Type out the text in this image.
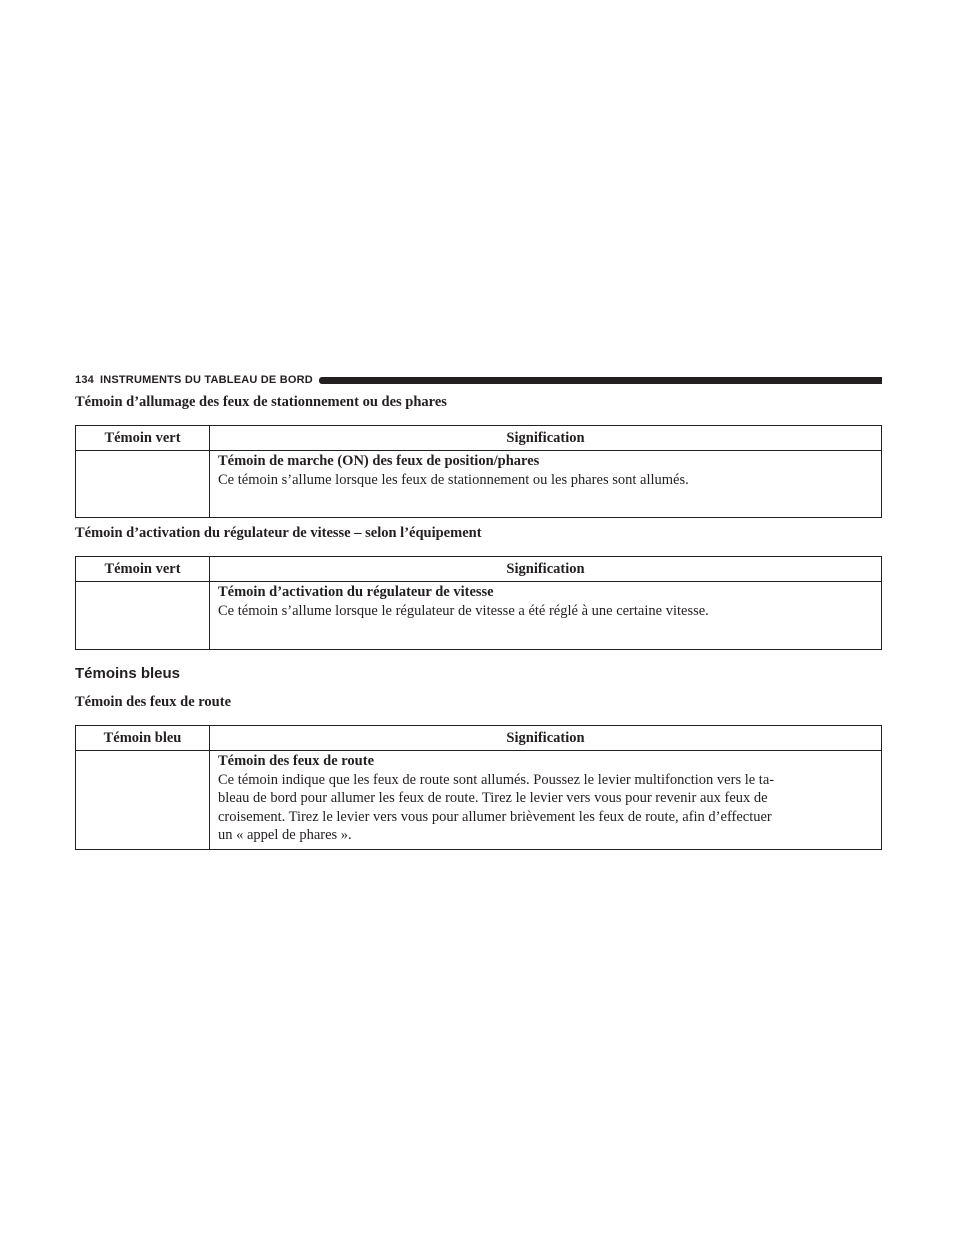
134 INSTRUMENTS DU TABLEAU DE BORD
Témoin d’allumage des feux de stationnement ou des phares
Témoin vert	Signification

	Témoin de marche (ON) des feux de position/phares
Ce témoin s’allume lorsque les feux de stationnement ou les phares sont allumés.
Témoin d’activation du régulateur de vitesse – selon l’équipement
Témoin vert	Signification

	Témoin d’activation du régulateur de vitesse
Ce témoin s’allume lorsque le régulateur de vitesse a été réglé à une certaine vitesse.
Témoins bleus
Témoin des feux de route
Témoin bleu	Signification

	Témoin des feux de route
Ce témoin indique que les feux de route sont allumés. Poussez le levier multifonction vers le ta-
bleau de bord pour allumer les feux de route. Tirez le levier vers vous pour revenir aux feux de
croisement. Tirez le levier vers vous pour allumer brièvement les feux de route, afin d’effectuer
un « appel de phares ».
